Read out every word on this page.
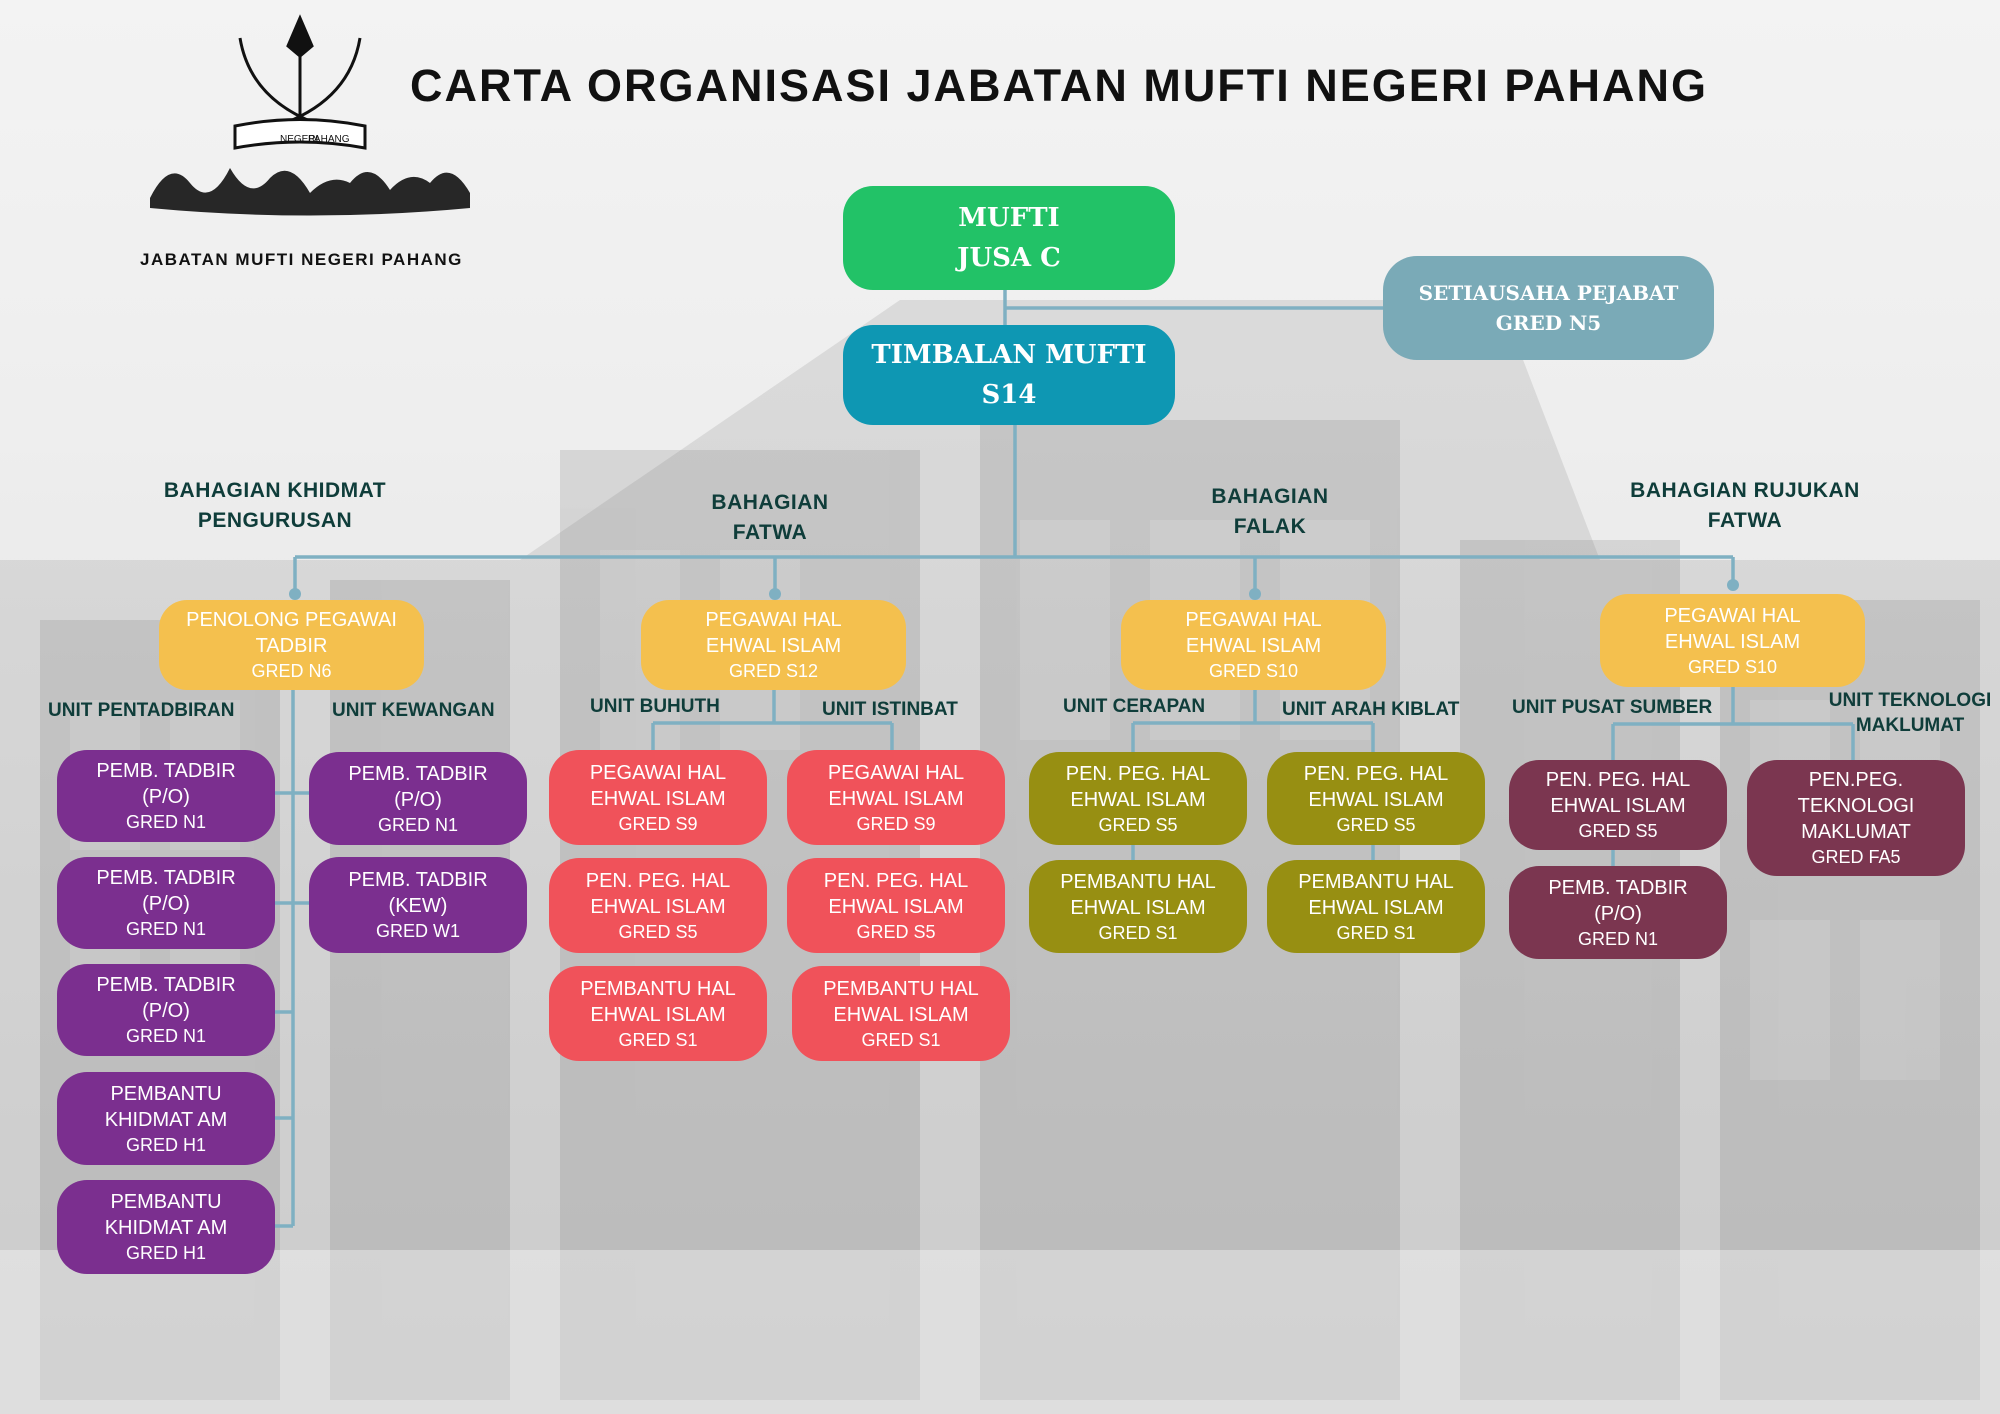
NEGERI
PAHANG
JABATAN MUFTI NEGERI PAHANG
CARTA ORGANISASI JABATAN MUFTI NEGERI PAHANG
MUFTI
JUSA C
SETIAUSAHA PEJABAT
GRED N5
TIMBALAN MUFTI
S14
BAHAGIAN KHIDMAT
PENGURUSAN
BAHAGIAN
FATWA
BAHAGIAN
FALAK
BAHAGIAN RUJUKAN
FATWA
PENOLONG PEGAWAI
TADBIR
GRED N6
PEGAWAI HAL
EHWAL ISLAM
GRED S12
PEGAWAI HAL
EHWAL ISLAM
GRED S10
PEGAWAI HAL
EHWAL ISLAM
GRED S10
UNIT PENTADBIRAN	UNIT KEWANGAN	UNIT BUHUTH	UNIT ISTINBAT	UNIT CERAPAN	UNIT ARAH KIBLAT	UNIT PUSAT SUMBER	UNIT TEKNOLOGI
MAKLUMAT
PEMB. TADBIR
(P/O)
GRED N1
PEMB. TADBIR
(P/O)
GRED N1
PEMB. TADBIR
(P/O)
GRED N1
PEMBANTU
KHIDMAT AM
GRED H1
PEMBANTU
KHIDMAT AM
GRED H1
PEMB. TADBIR
(P/O)
GRED N1
PEMB. TADBIR
(KEW)
GRED W1
PEGAWAI HAL
EHWAL ISLAM
GRED S9
PEN. PEG. HAL
EHWAL ISLAM
GRED S5
PEMBANTU HAL
EHWAL ISLAM
GRED S1
PEGAWAI HAL
EHWAL ISLAM
GRED S9
PEN. PEG. HAL
EHWAL ISLAM
GRED S5
PEMBANTU HAL
EHWAL ISLAM
GRED S1
PEN. PEG. HAL
EHWAL ISLAM
GRED S5
PEMBANTU HAL
EHWAL ISLAM
GRED S1
PEN. PEG. HAL
EHWAL ISLAM
GRED S5
PEMBANTU HAL
EHWAL ISLAM
GRED S1
PEN. PEG. HAL
EHWAL ISLAM
GRED S5
PEMB. TADBIR
(P/O)
GRED N1
PEN.PEG.
TEKNOLOGI
MAKLUMAT
GRED FA5
